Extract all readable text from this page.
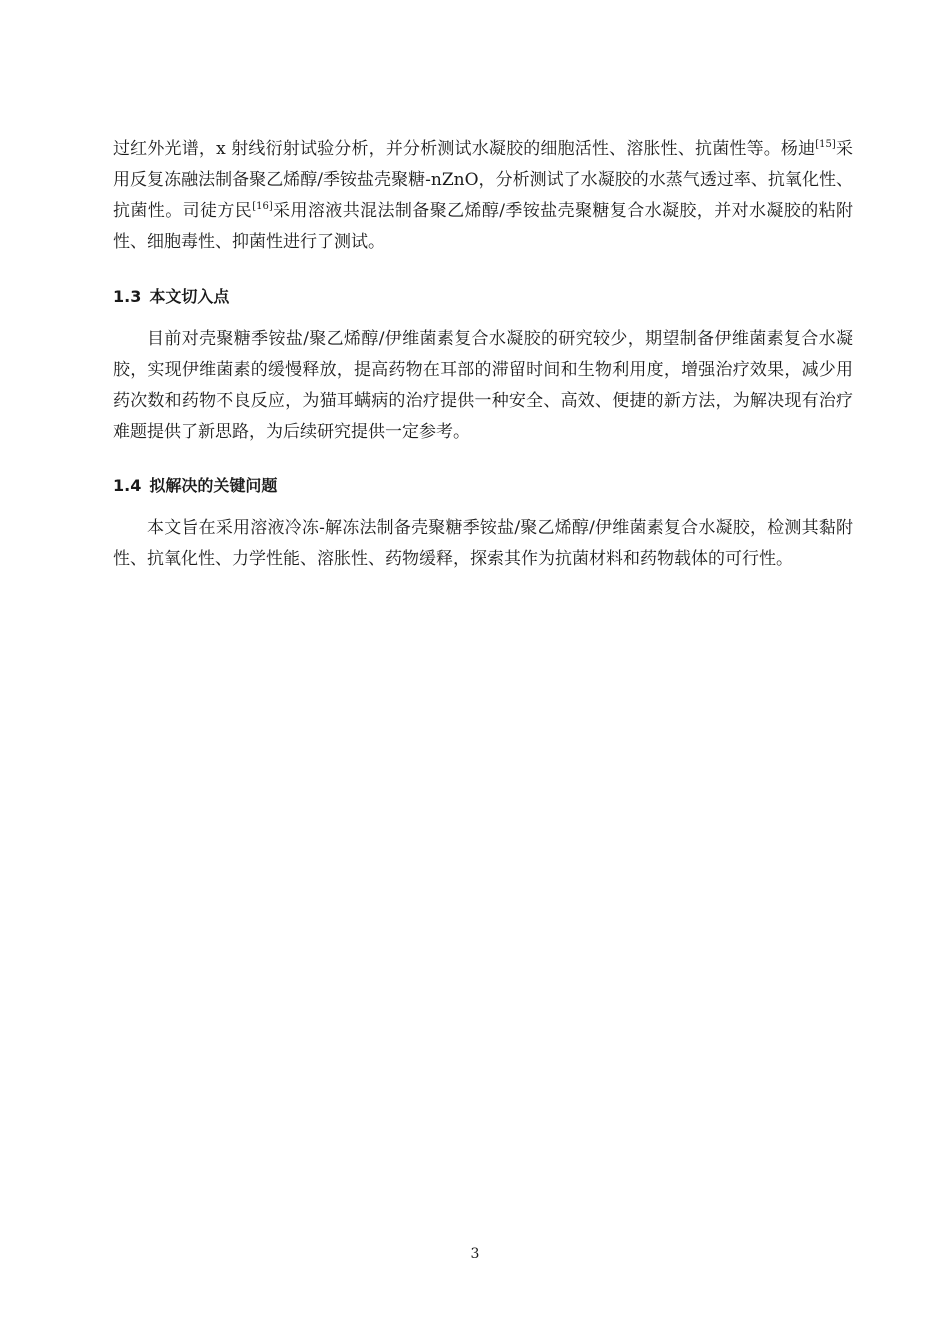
过红外光谱，x 射线衍射试验分析，并分析测试水凝胶的细胞活性、溶胀性、抗菌性等。杨迪[15]采用反复冻融法制备聚乙烯醇/季铵盐壳聚糖-nZnO，分析测试了水凝胶的水蒸气透过率、抗氧化性、抗菌性。司徒方民[16]采用溶液共混法制备聚乙烯醇/季铵盐壳聚糖复合水凝胶，并对水凝胶的粘附性、细胞毒性、抑菌性进行了测试。

1.3 本文切入点

目前对壳聚糖季铵盐/聚乙烯醇/伊维菌素复合水凝胶的研究较少，期望制备伊维菌素复合水凝胶，实现伊维菌素的缓慢释放，提高药物在耳部的滞留时间和生物利用度，增强治疗效果，减少用药次数和药物不良反应，为猫耳螨病的治疗提供一种安全、高效、便捷的新方法，为解决现有治疗难题提供了新思路，为后续研究提供一定参考。

1.4 拟解决的关键问题

本文旨在采用溶液冷冻-解冻法制备壳聚糖季铵盐/聚乙烯醇/伊维菌素复合水凝胶，检测其黏附性、抗氧化性、力学性能、溶胀性、药物缓释，探索其作为抗菌材料和药物载体的可行性。

3
